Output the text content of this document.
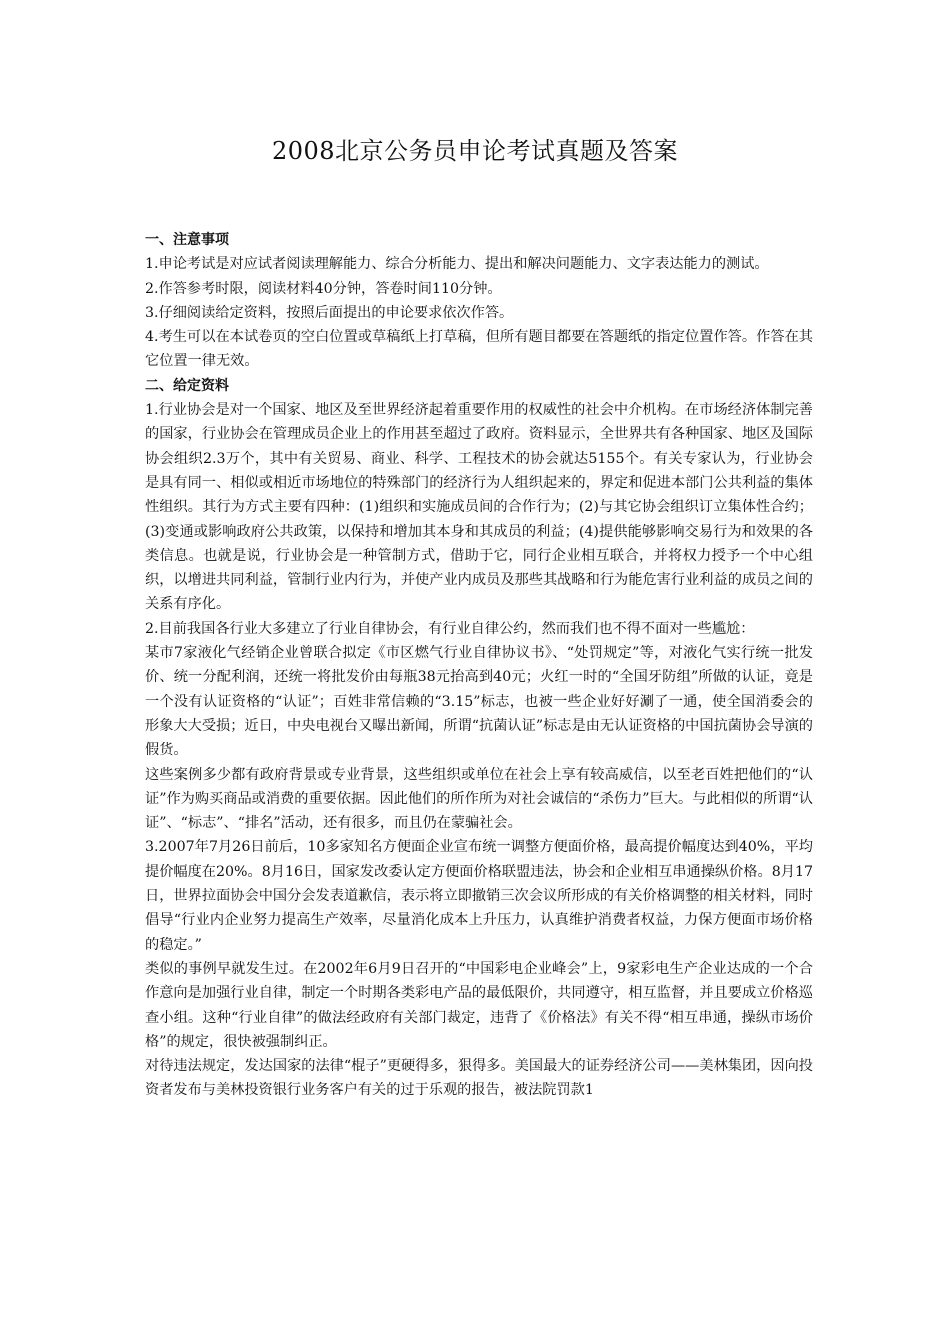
2008北京公务员申论考试真题及答案

一、注意事项

1.申论考试是对应试者阅读理解能力、综合分析能力、提出和解决问题能力、文字表达能力的测试。

2.作答参考时限，阅读材料40分钟，答卷时间110分钟。

3.仔细阅读给定资料，按照后面提出的申论要求依次作答。

4.考生可以在本试卷页的空白位置或草稿纸上打草稿，但所有题目都要在答题纸的指定位置作答。作答在其它位置一律无效。

二、给定资料

1.行业协会是对一个国家、地区及至世界经济起着重要作用的权威性的社会中介机构。在市场经济体制完善的国家，行业协会在管理成员企业上的作用甚至超过了政府。资料显示，全世界共有各种国家、地区及国际协会组织2.3万个，其中有关贸易、商业、科学、工程技术的协会就达5155个。有关专家认为，行业协会是具有同一、相似或相近市场地位的特殊部门的经济行为人组织起来的，界定和促进本部门公共利益的集体性组织。其行为方式主要有四种：(1)组织和实施成员间的合作行为；(2)与其它协会组织订立集体性合约；(3)变通或影响政府公共政策，以保持和增加其本身和其成员的利益；(4)提供能够影响交易行为和效果的各类信息。也就是说，行业协会是一种管制方式，借助于它，同行企业相互联合，并将权力授予一个中心组织，以增进共同利益，管制行业内行为，并使产业内成员及那些其战略和行为能危害行业利益的成员之间的关系有序化。

2.目前我国各行业大多建立了行业自律协会，有行业自律公约，然而我们也不得不面对一些尴尬：

某市7家液化气经销企业曾联合拟定《市区燃气行业自律协议书》、“处罚规定”等，对液化气实行统一批发价、统一分配利润，还统一将批发价由每瓶38元抬高到40元；火红一时的“全国牙防组”所做的认证，竟是一个没有认证资格的“认证”；百姓非常信赖的“3.15”标志，也被一些企业好好涮了一通，使全国消委会的形象大大受损；近日，中央电视台又曝出新闻，所谓“抗菌认证”标志是由无认证资格的中国抗菌协会导演的假货。

这些案例多少都有政府背景或专业背景，这些组织或单位在社会上享有较高威信，以至老百姓把他们的“认证”作为购买商品或消费的重要依据。因此他们的所作所为对社会诚信的“杀伤力”巨大。与此相似的所谓“认证”、“标志”、“排名”活动，还有很多，而且仍在蒙骗社会。

3.2007年7月26日前后，10多家知名方便面企业宣布统一调整方便面价格，最高提价幅度达到40%，平均提价幅度在20%。8月16日，国家发改委认定方便面价格联盟违法，协会和企业相互串通操纵价格。8月17日，世界拉面协会中国分会发表道歉信，表示将立即撤销三次会议所形成的有关价格调整的相关材料，同时倡导“行业内企业努力提高生产效率，尽量消化成本上升压力，认真维护消费者权益，力保方便面市场价格的稳定。”

类似的事例早就发生过。在2002年6月9日召开的“中国彩电企业峰会”上，9家彩电生产企业达成的一个合作意向是加强行业自律，制定一个时期各类彩电产品的最低限价，共同遵守，相互监督，并且要成立价格巡查小组。这种“行业自律”的做法经政府有关部门裁定，违背了《价格法》有关不得“相互串通，操纵市场价格”的规定，很快被强制纠正。

对待违法规定，发达国家的法律“棍子”更硬得多，狠得多。美国最大的证券经济公司——美林集团，因向投资者发布与美林投资银行业务客户有关的过于乐观的报告，被法院罚款1
